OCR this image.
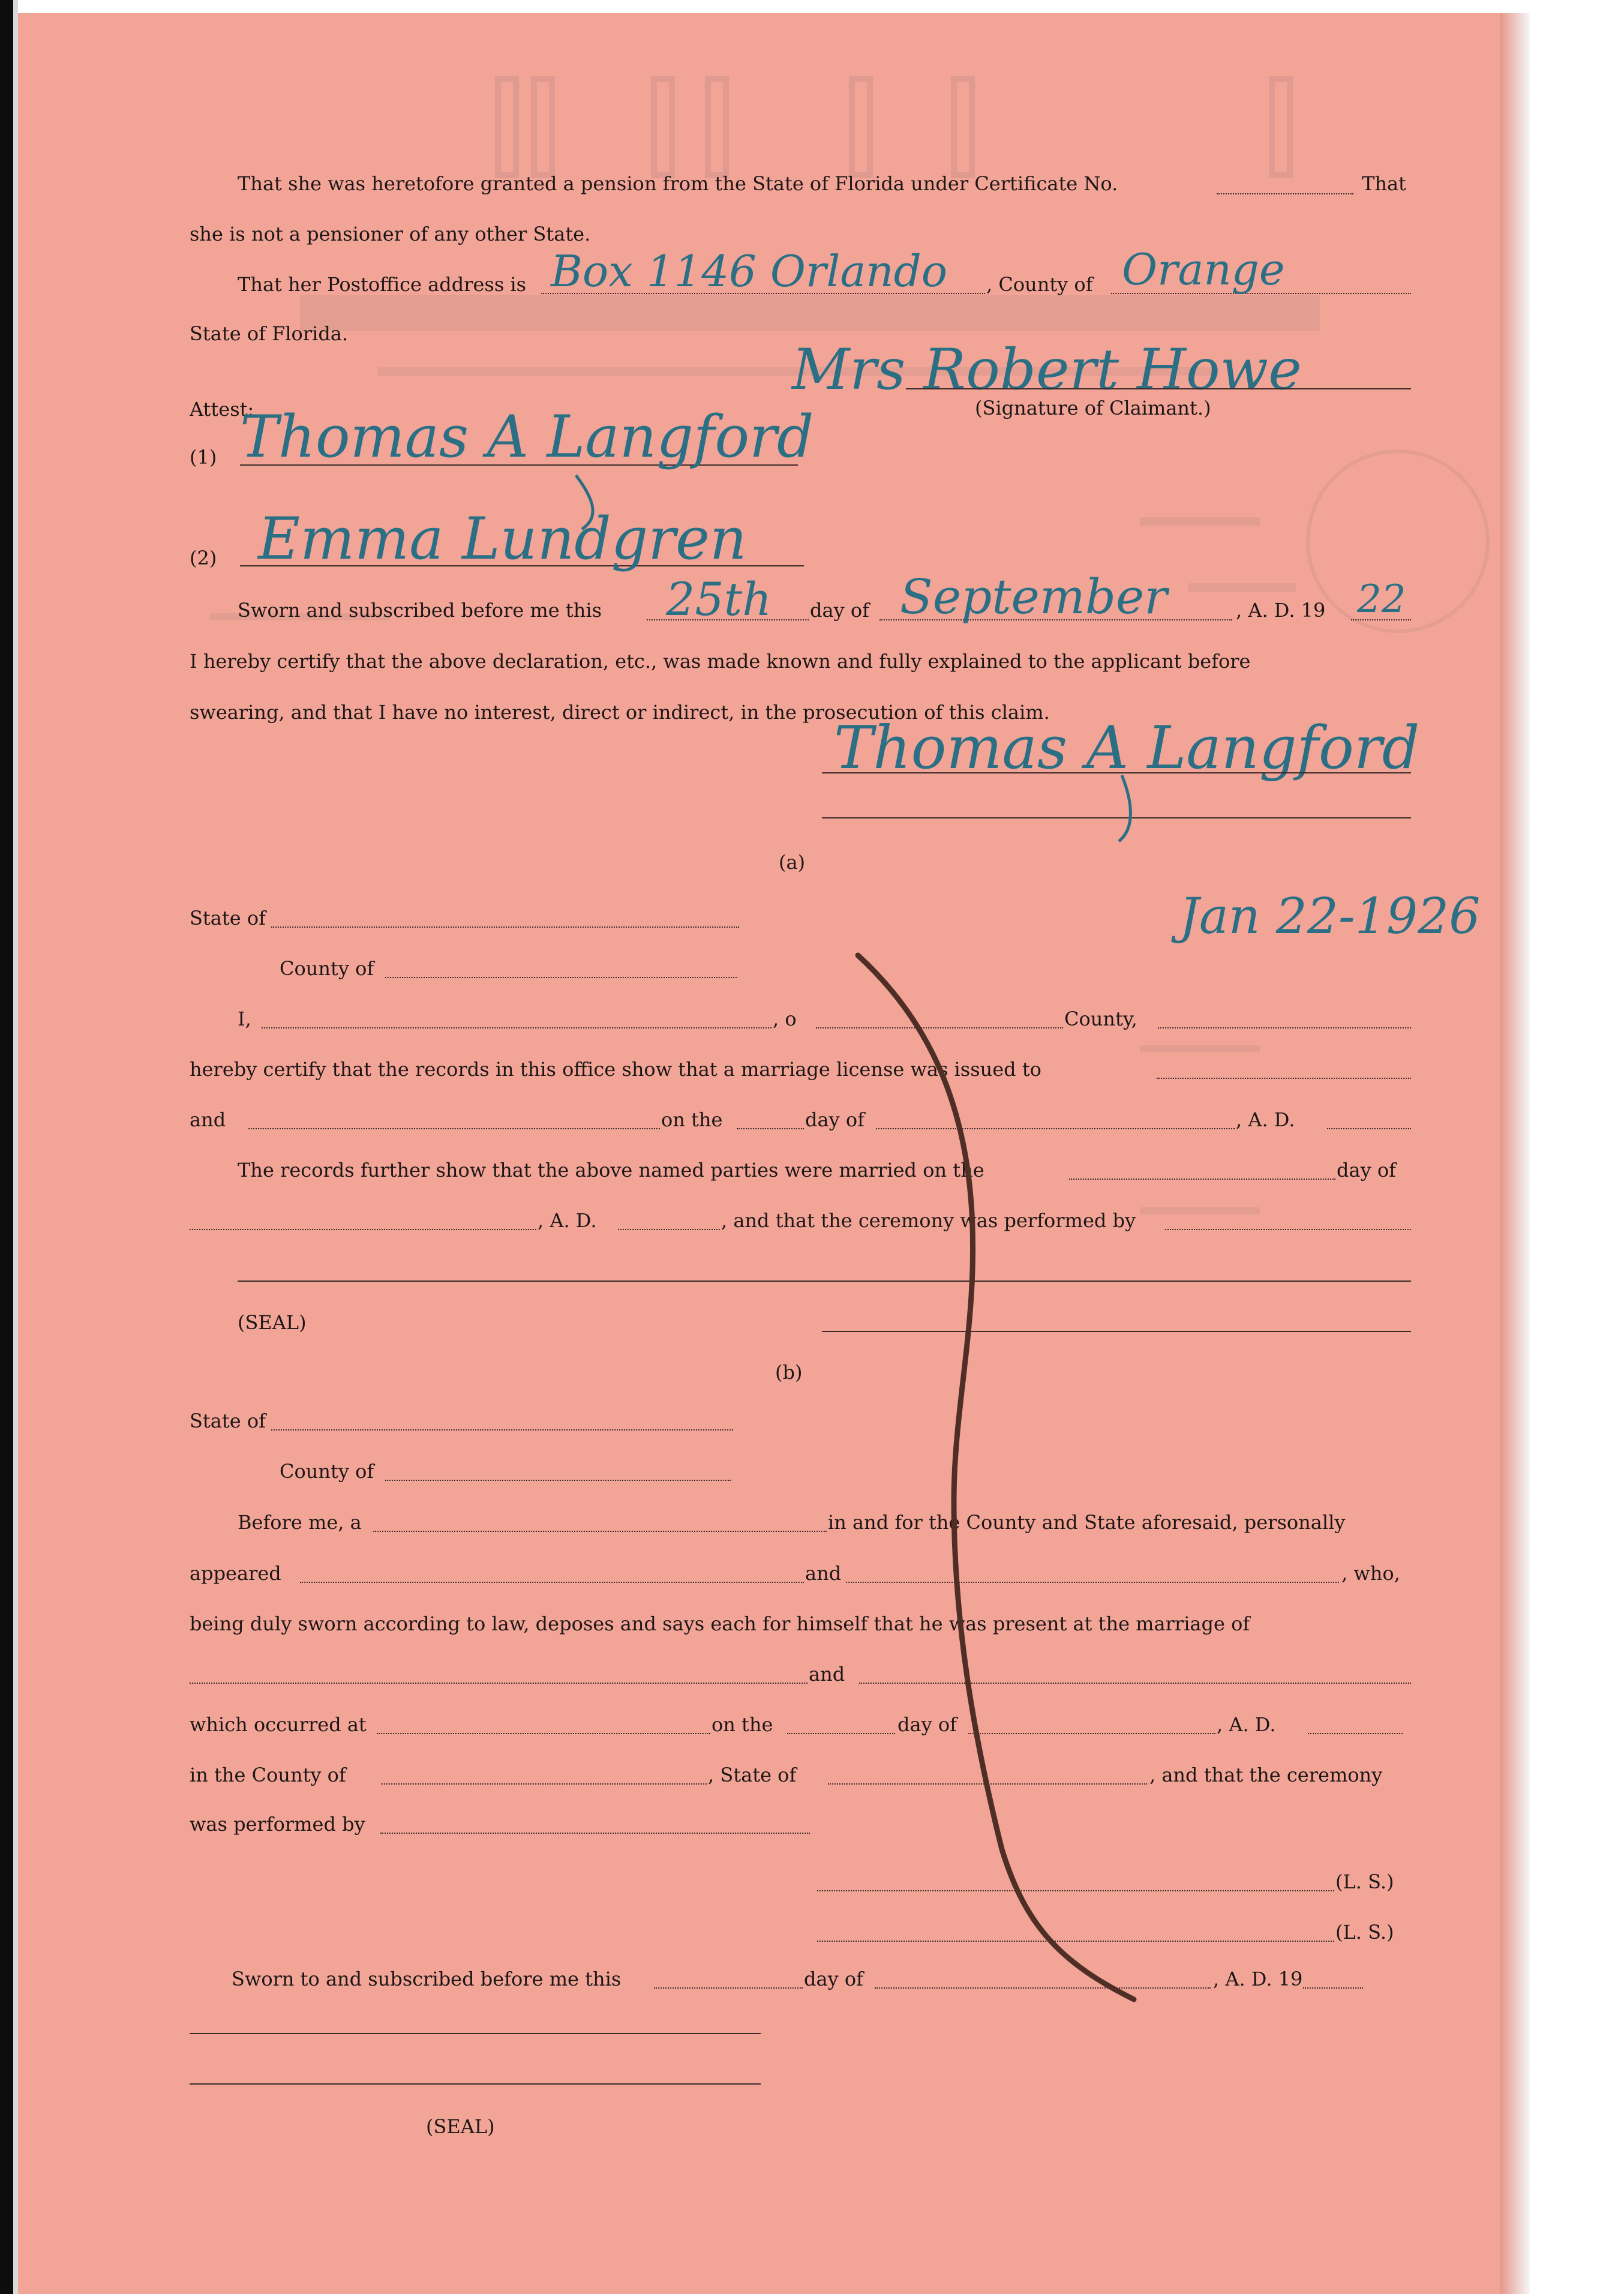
That she was heretofore granted a pension from the State of Florida under Certificate No.	That
she is not a pensioner of any other State.
That her Postoffice address is Box 1146 Orlando , County of Orange
State of Florida.
Mrs Robert Howe
(Signature of Claimant.)
Attest:
(1) Thomas A Langford
(2) Emma Lundgren
Sworn and subscribed before me this 25th day of September	, A. D. 19 22
I hereby certify that the above declaration, etc., was made known and fully explained to the applicant before
swearing, and that I have no interest, direct or indirect, in the prosecution of this claim.
Thomas A Langford
(a)
Jan 22-1926
State of
County of
I,	, o	County,
hereby certify that the records in this office show that a marriage license was issued to
and	on the	day of	, A. D.
The records further show that the above named parties were married on the	day of
, A. D.	, and that the ceremony was performed by
(SEAL)
(b)
State of
County of
Before me, a	in and for the County and State aforesaid, personally
appeared	and	, who,
being duly sworn according to law, deposes and says each for himself that he was present at the marriage of
and
which occurred at	on the	day of	, A. D.
in the County of	, State of	, and that the ceremony
was performed by
(L. S.)
(L. S.)
Sworn to and subscribed before me this	day of	, A. D. 19
(SEAL)
